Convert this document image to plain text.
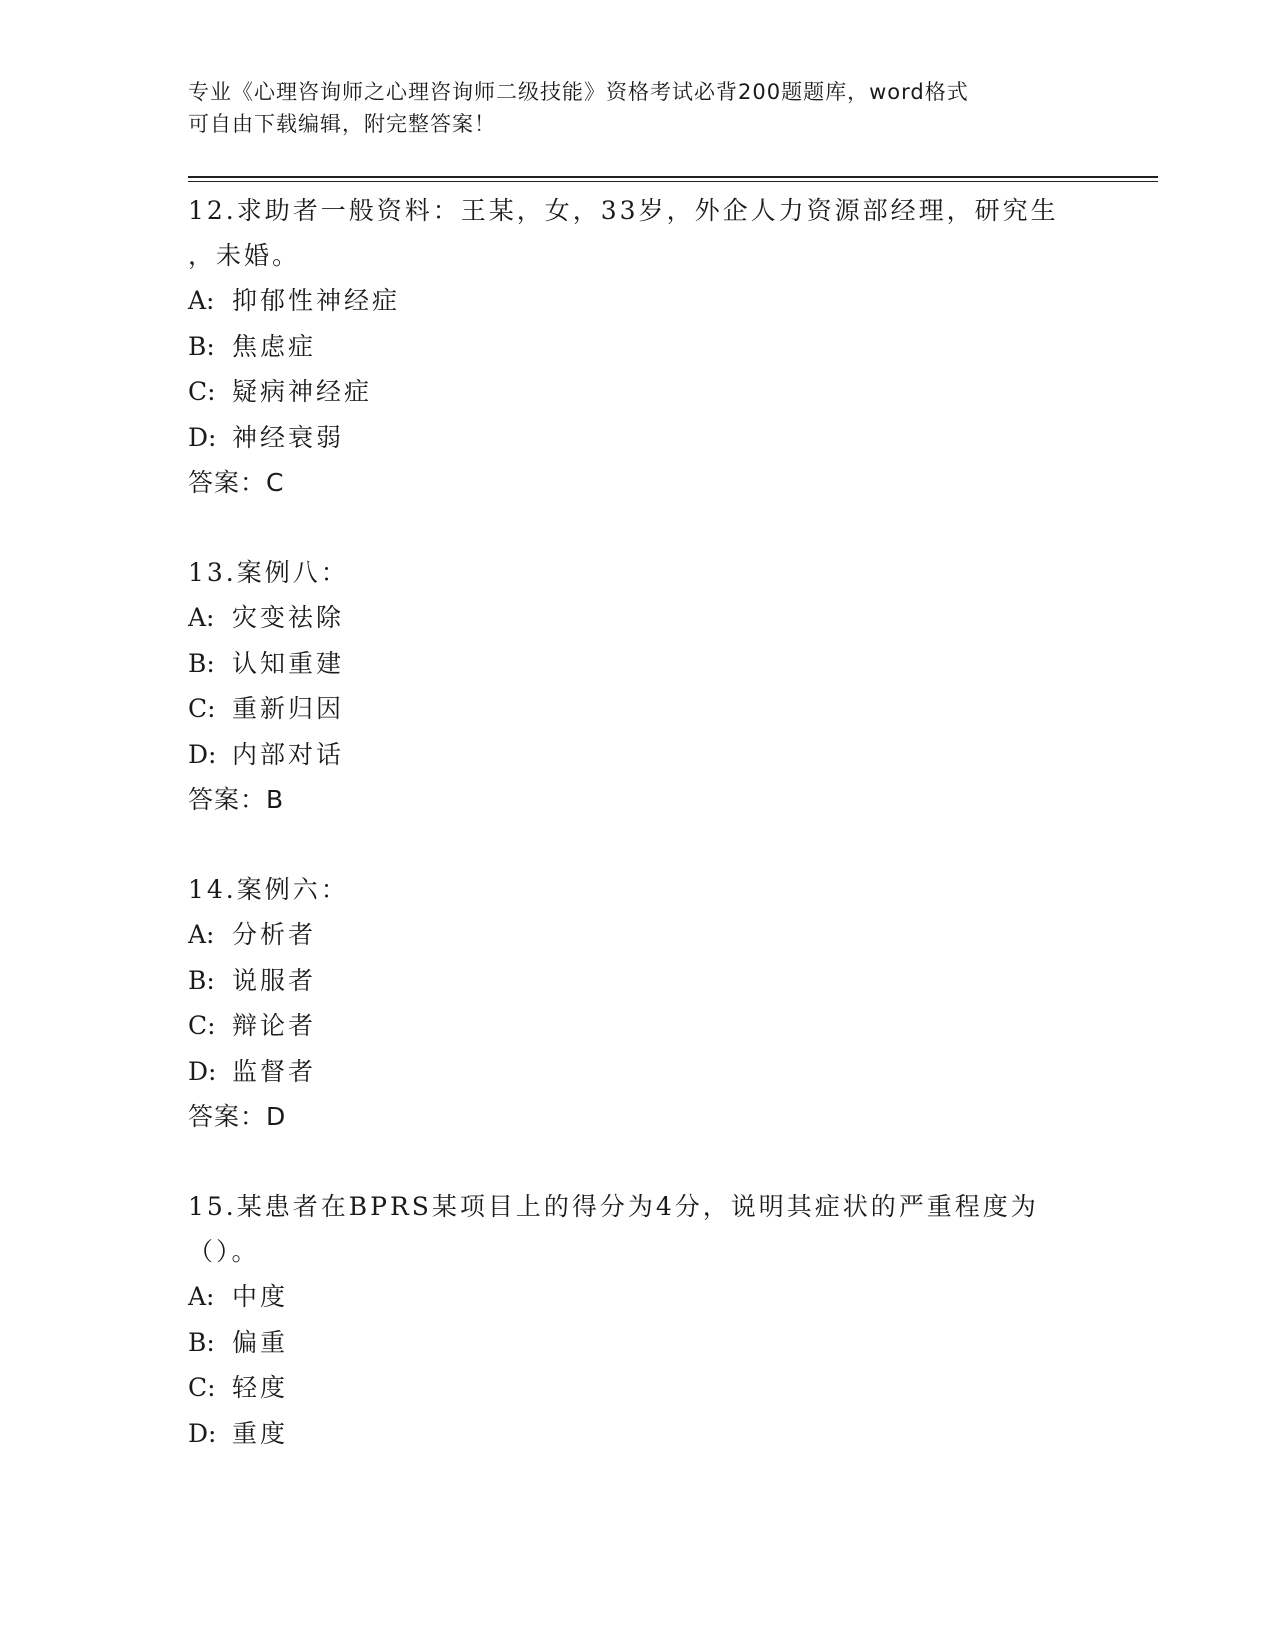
专业《心理咨询师之心理咨询师二级技能》资格考试必背200题题库，word格式
可自由下载编辑，附完整答案！
12.求助者一般资料：王某，女，33岁，外企人力资源部经理，研究生
，未婚。
A: 抑郁性神经症
B: 焦虑症
C: 疑病神经症
D: 神经衰弱
答案：C
13.案例八：
A: 灾变祛除
B: 认知重建
C: 重新归因
D: 内部对话
答案：B
14.案例六：
A: 分析者
B: 说服者
C: 辩论者
D: 监督者
答案：D
15.某患者在BPRS某项目上的得分为4分，说明其症状的严重程度为
（）。
A: 中度
B: 偏重
C: 轻度
D: 重度
